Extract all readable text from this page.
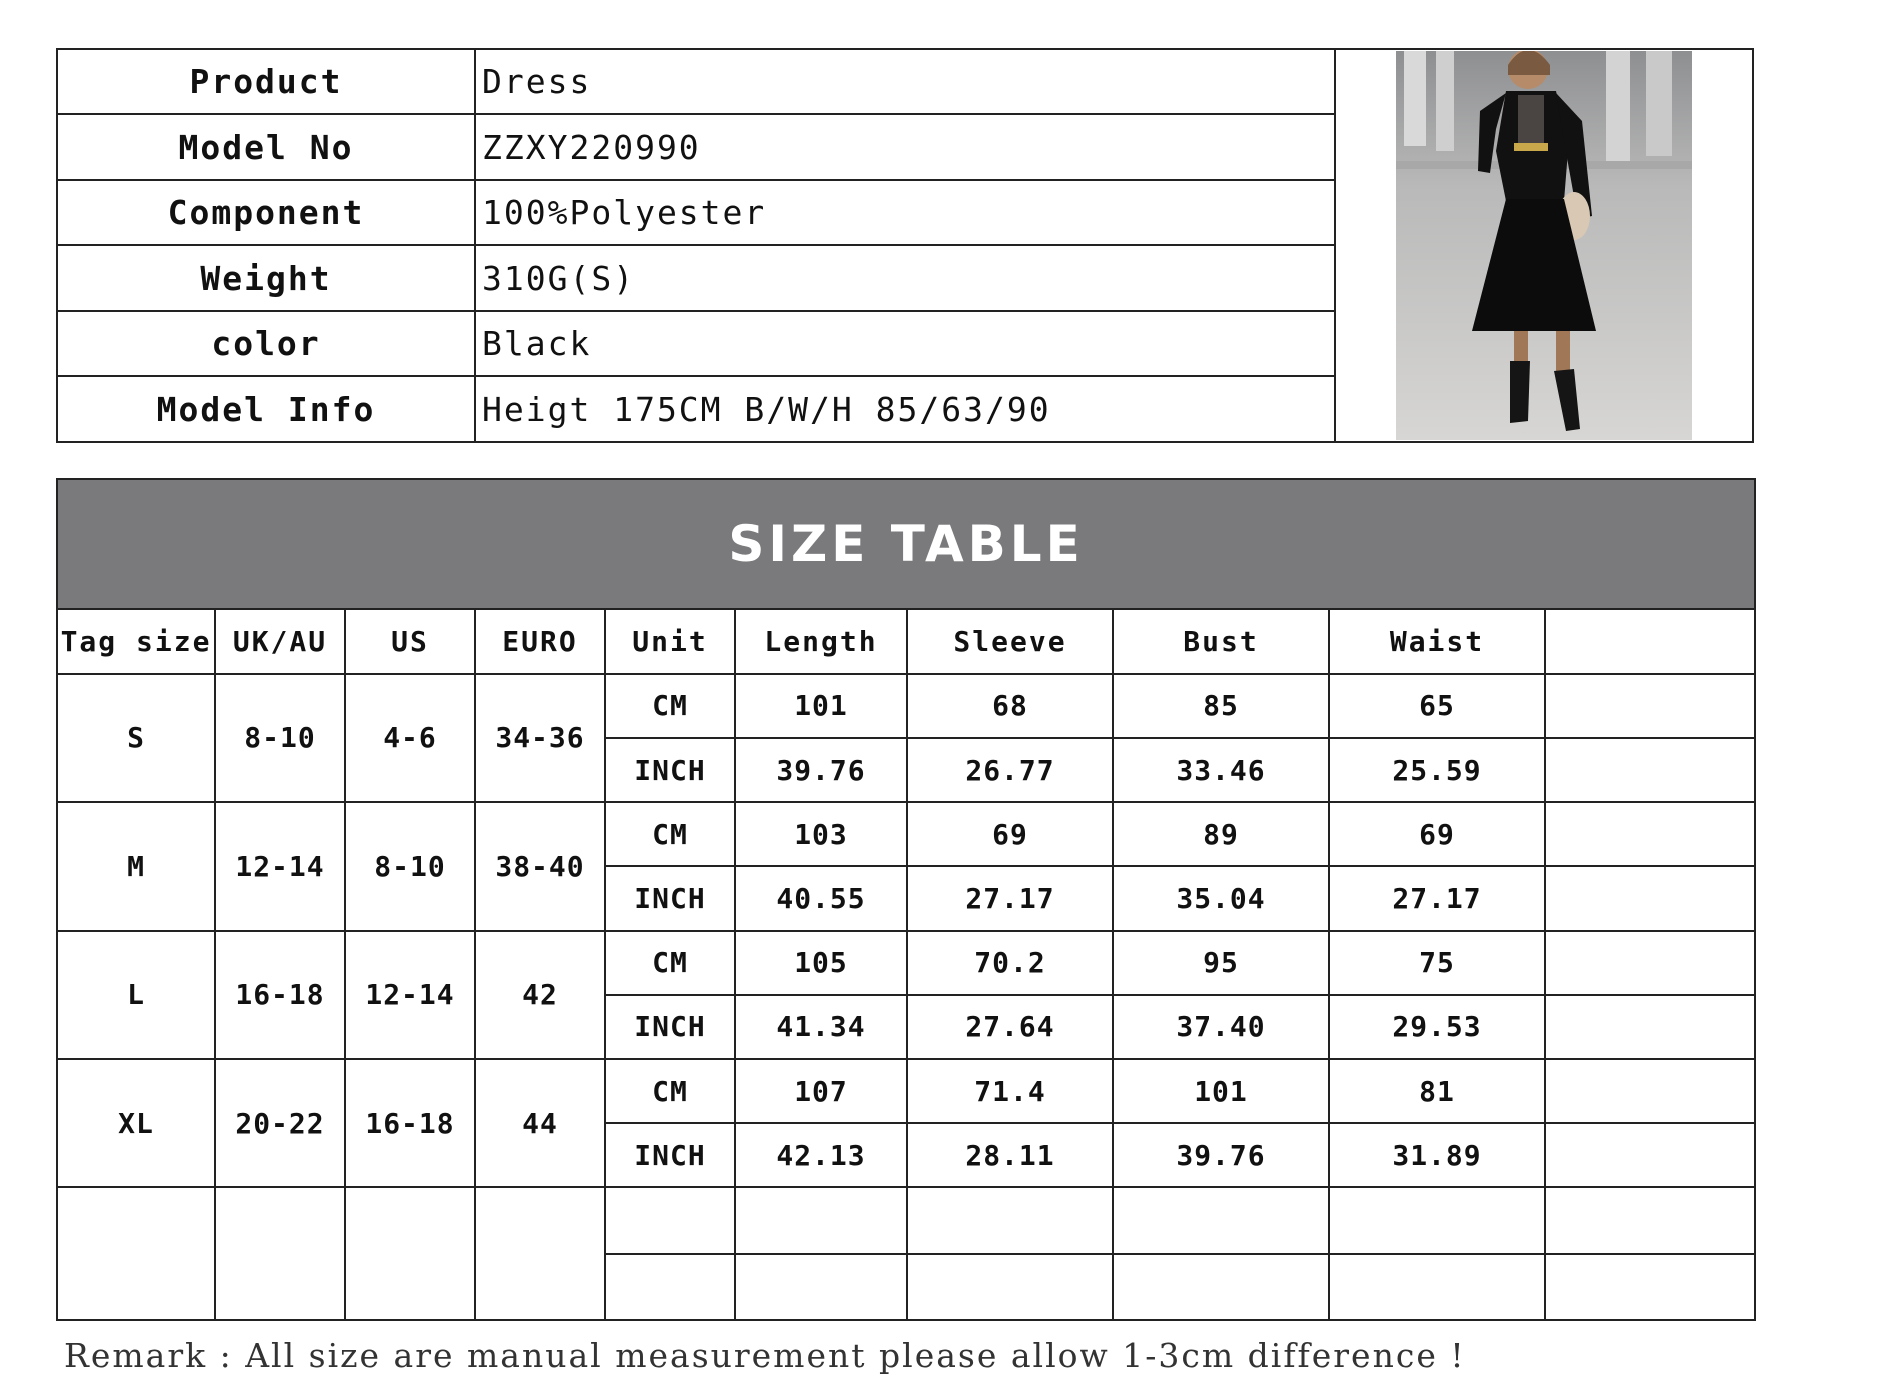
Product	Dress	

Model No	ZZXY220990	
Component	100%Polyester	
Weight	310G(S)	
color	Black	
Model Info	Heigt 175CM B/W/H 85/63/90	
SIZE TABLE									
Tag size	UK/AU	US	EURO	Unit	Length	Sleeve	Bust	Waist	
S	8-10	4-6	34-36	CM	101	68	85	65	
				INCH	39.76	26.77	33.46	25.59	
M	12-14	8-10	38-40	CM	103	69	89	69	
				INCH	40.55	27.17	35.04	27.17	
L	16-18	12-14	42	CM	105	70.2	95	75	
				INCH	41.34	27.64	37.40	29.53	
XL	20-22	16-18	44	CM	107	71.4	101	81	
				INCH	42.13	28.11	39.76	31.89	

Remark : All size are manual measurement please allow 1-3cm difference !
